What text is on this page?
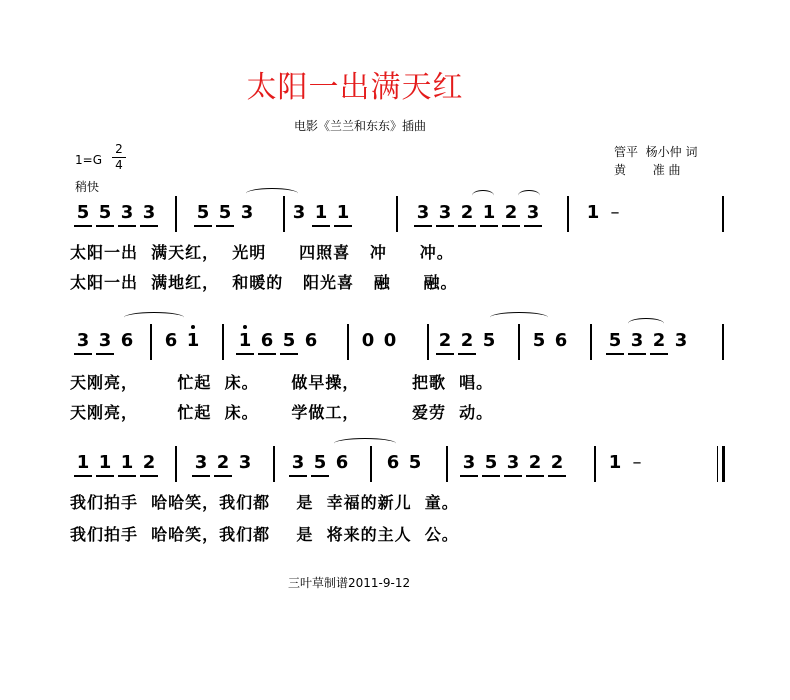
太阳一出满天红
电影《兰兰和东东》插曲
$1=G \frac{2}{4}$
稍快
管平  杨小仲 词
黄       准 曲
5 5 3 3 5 5 3 3 1 1	3 3 2 1 2 3	1 –
太阳一出  满天红，  光明     四照喜   冲     冲。
太阳一出  满地红，  和暖的   阳光喜   融     融。
3 3 6 6 1 1 6 5 6 0 0 2 2 5 5 6 5 3 2 3
天刚亮，      忙起  床。     做早操，        把歌  唱。
天刚亮，      忙起  床。     学做工，        爱劳  动。
1 1 1 2 3 2 3 3 5 6 6 5 3 5 3 2 2	1 –
我们拍手  哈哈笑，我们都    是  幸福的新儿  童。
我们拍手  哈哈笑，我们都    是  将来的主人  公。
三叶草制谱2011-9-12
